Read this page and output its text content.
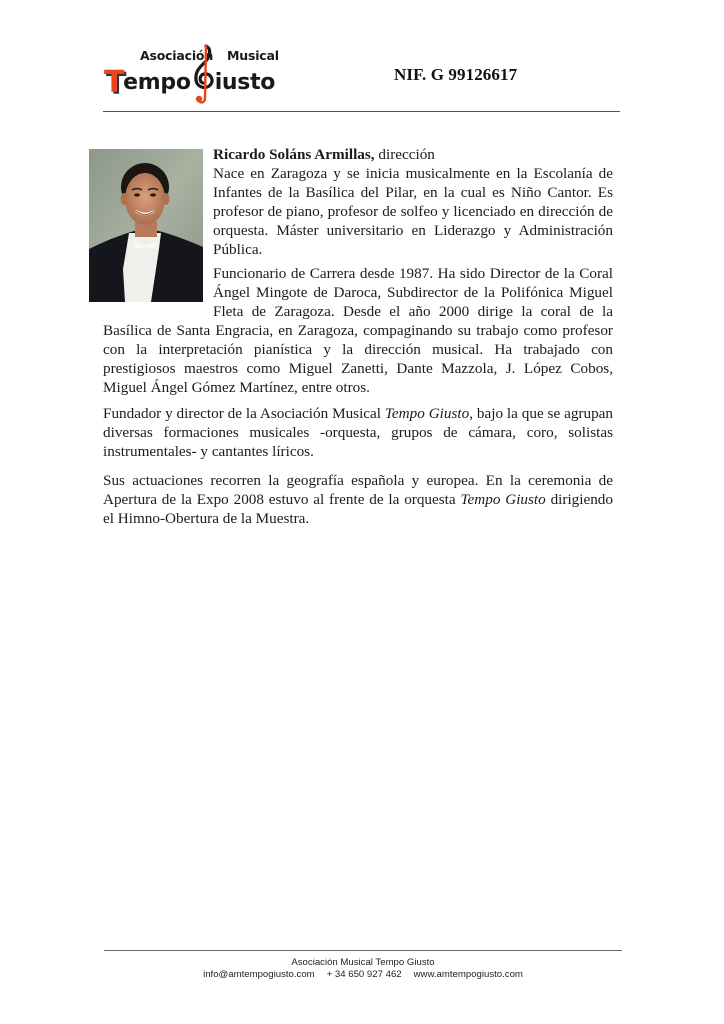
Asociación Musical
Tempo iusto	NIF. G 99126617

Ricardo Soláns Armillas, dirección

Nace en Zaragoza y se inicia musicalmente en la Escolanía de Infantes de la Basílica del Pilar, en la cual es Niño Cantor. Es profesor de piano, profesor de solfeo y licenciado en dirección de orquesta. Máster universitario en Liderazgo y Administración Pública.

Funcionario de Carrera desde 1987. Ha sido Director de la Coral Ángel Mingote de Daroca, Subdirector de la Polifónica Miguel Fleta de Zaragoza. Desde el año 2000 dirige la coral de la Basílica de Santa Engracia, en Zaragoza, compaginando su trabajo como profesor con la interpretación pianística y la dirección musical. Ha trabajado con prestigiosos maestros como Miguel Zanetti, Dante Mazzola, J. López Cobos, Miguel Ángel Gómez Martínez, entre otros.

Fundador y director de la Asociación Musical Tempo Giusto, bajo la que se agrupan diversas formaciones musicales -orquesta, grupos de cámara, coro, solistas instrumentales- y cantantes líricos.

Sus actuaciones recorren la geografía española y europea. En la ceremonia de Apertura de la Expo 2008 estuvo al frente de la orquesta Tempo Giusto dirigiendo el Himno-Obertura de la Muestra.

Asociación Musical Tempo Giusto
info@amtempogiusto.com + 34 650 927 462 www.amtempogiusto.com
